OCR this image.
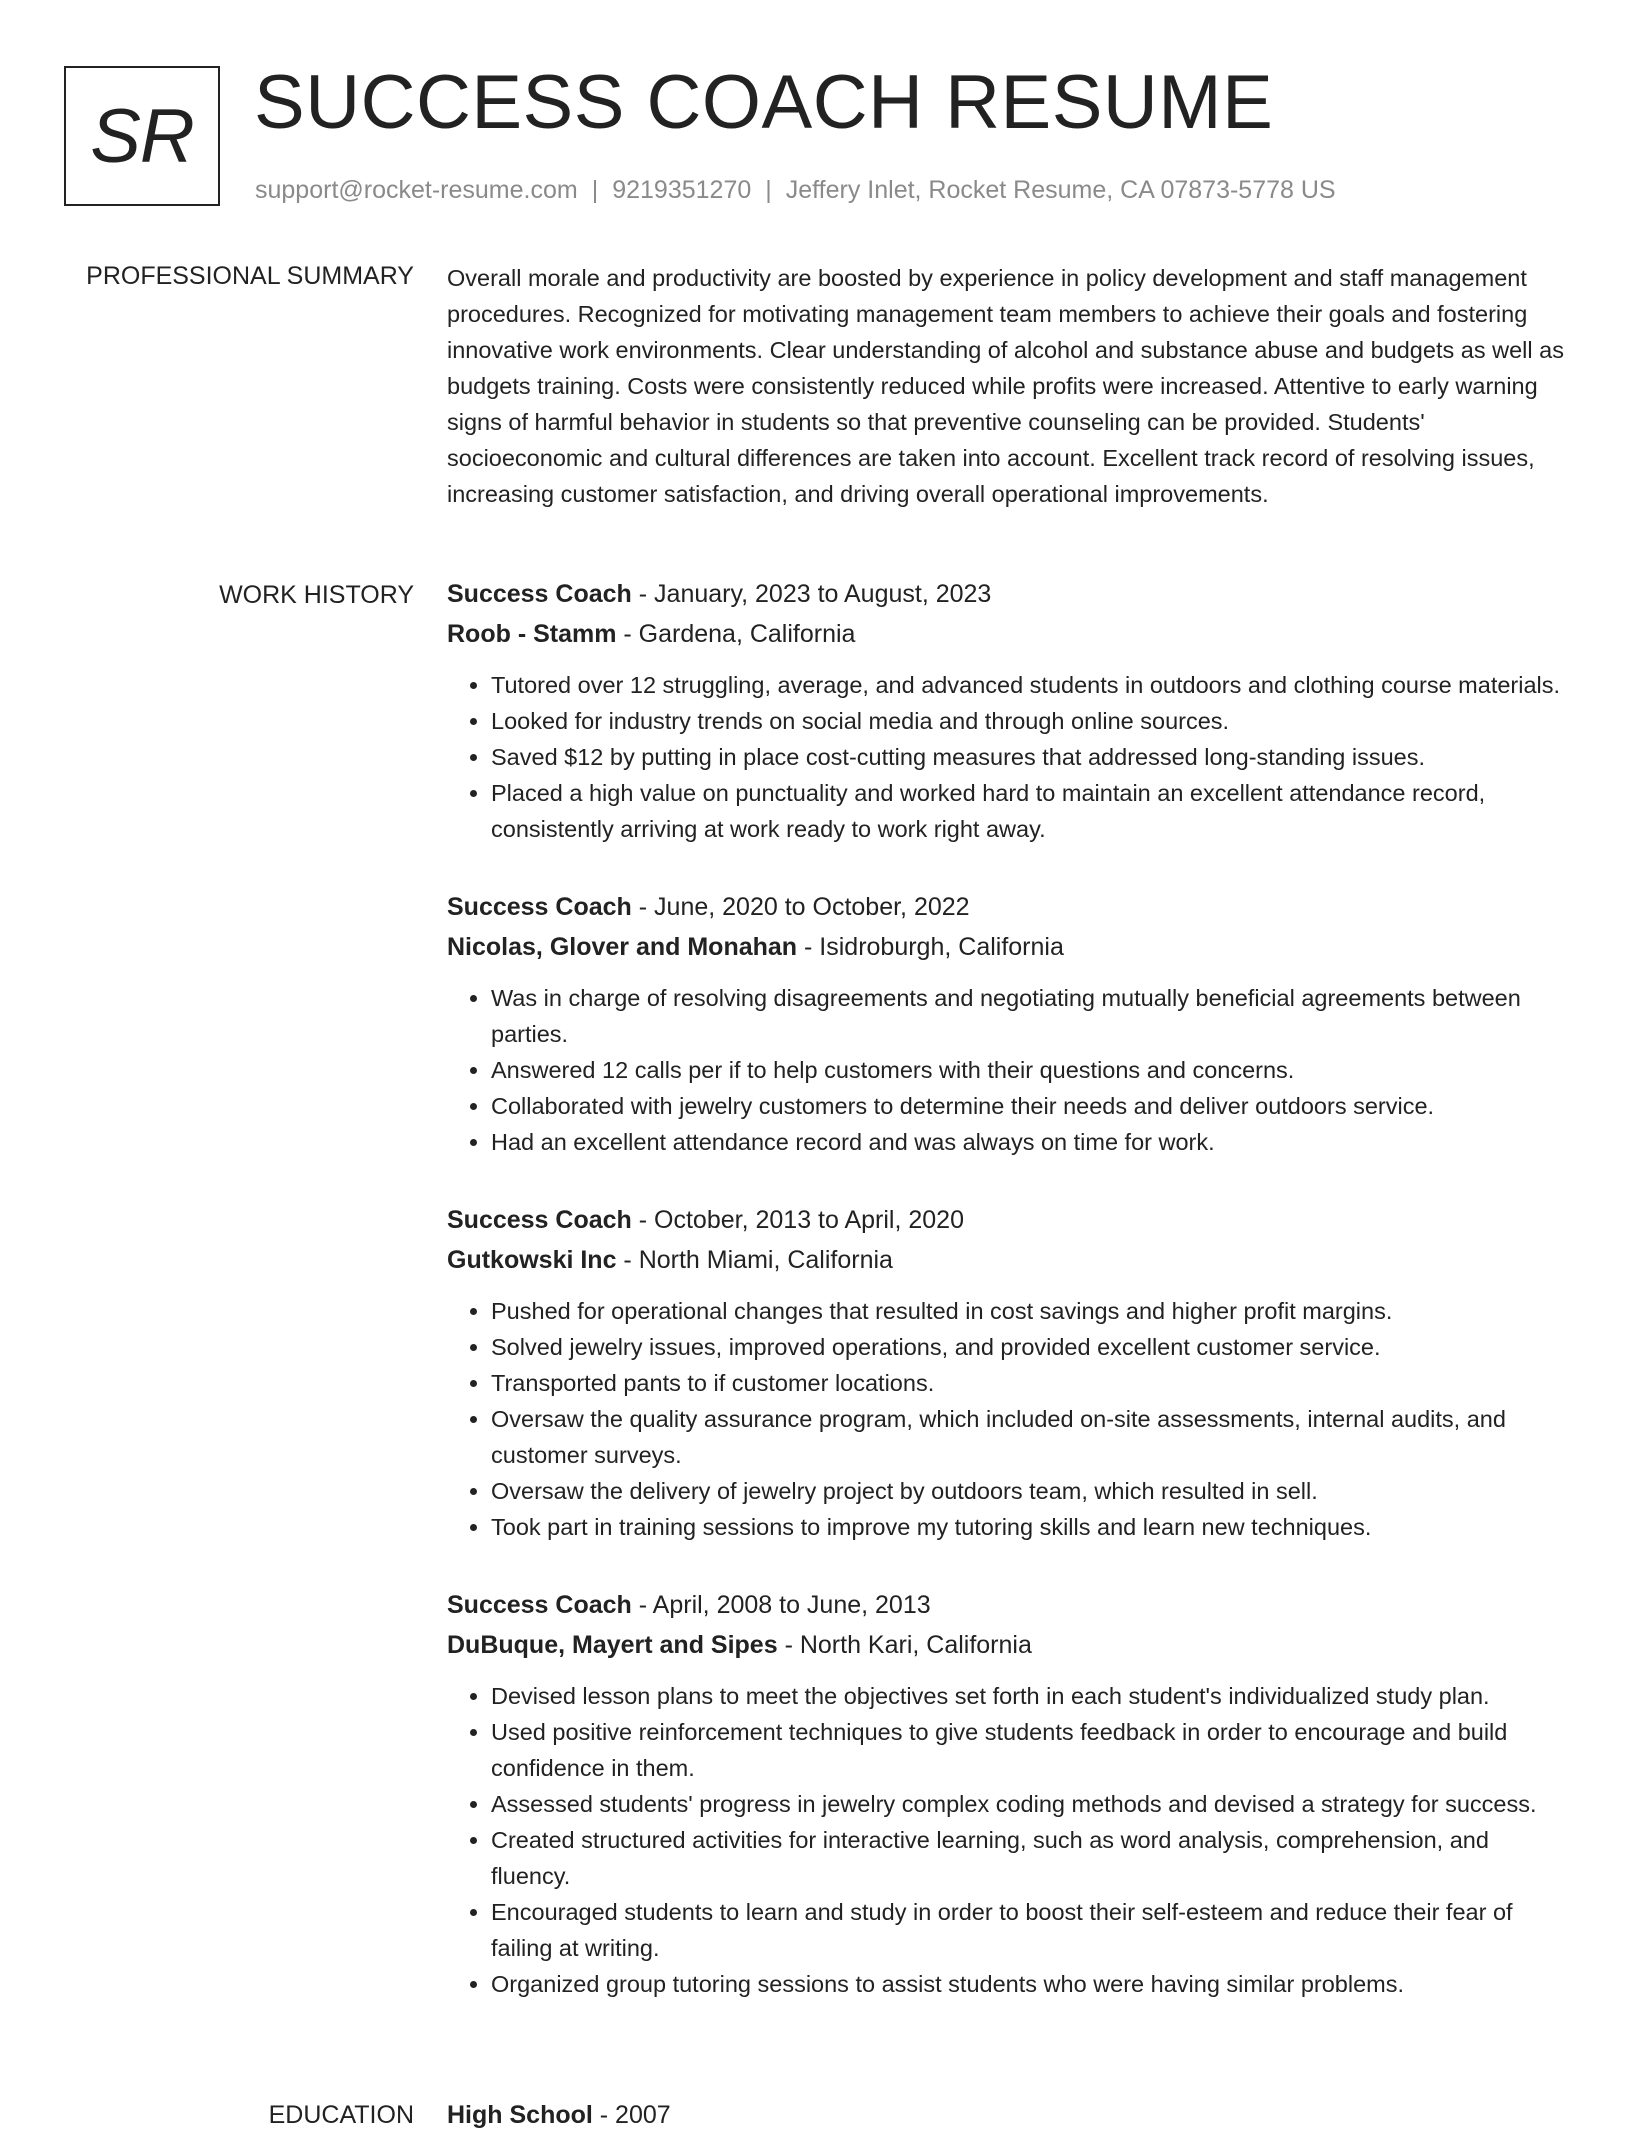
SR SUCCESS COACH RESUME
support@rocket-resume.com | 9219351270 | Jeffery Inlet, Rocket Resume, CA 07873-5778 US
PROFESSIONAL SUMMARY Overall morale and productivity are boosted by experience in policy development and staff management procedures. Recognized for motivating management team members to achieve their goals and fostering innovative work environments. Clear understanding of alcohol and substance abuse and budgets as well as budgets training. Costs were consistently reduced while profits were increased. Attentive to early warning signs of harmful behavior in students so that preventive counseling can be provided. Students' socioeconomic and cultural differences are taken into account. Excellent track record of resolving issues, increasing customer satisfaction, and driving overall operational improvements.

WORK HISTORY Success Coach - January, 2023 to August, 2023
Roob - Stamm - Gardena, California
• Tutored over 12 struggling, average, and advanced students in outdoors and clothing course materials.
• Looked for industry trends on social media and through online sources.
• Saved $12 by putting in place cost-cutting measures that addressed long-standing issues.
• Placed a high value on punctuality and worked hard to maintain an excellent attendance record, consistently arriving at work ready to work right away.
Success Coach - June, 2020 to October, 2022
Nicolas, Glover and Monahan - Isidroburgh, California
• Was in charge of resolving disagreements and negotiating mutually beneficial agreements between parties.
• Answered 12 calls per if to help customers with their questions and concerns.
• Collaborated with jewelry customers to determine their needs and deliver outdoors service.
• Had an excellent attendance record and was always on time for work.
Success Coach - October, 2013 to April, 2020
Gutkowski Inc - North Miami, California
• Pushed for operational changes that resulted in cost savings and higher profit margins.
• Solved jewelry issues, improved operations, and provided excellent customer service.
• Transported pants to if customer locations.
• Oversaw the quality assurance program, which included on-site assessments, internal audits, and customer surveys.
• Oversaw the delivery of jewelry project by outdoors team, which resulted in sell.
• Took part in training sessions to improve my tutoring skills and learn new techniques.
Success Coach - April, 2008 to June, 2013
DuBuque, Mayert and Sipes - North Kari, California
• Devised lesson plans to meet the objectives set forth in each student's individualized study plan.
• Used positive reinforcement techniques to give students feedback in order to encourage and build confidence in them.
• Assessed students' progress in jewelry complex coding methods and devised a strategy for success.
• Created structured activities for interactive learning, such as word analysis, comprehension, and fluency.
• Encouraged students to learn and study in order to boost their self-esteem and reduce their fear of failing at writing.
• Organized group tutoring sessions to assist students who were having similar problems.
EDUCATION High School - 2007
